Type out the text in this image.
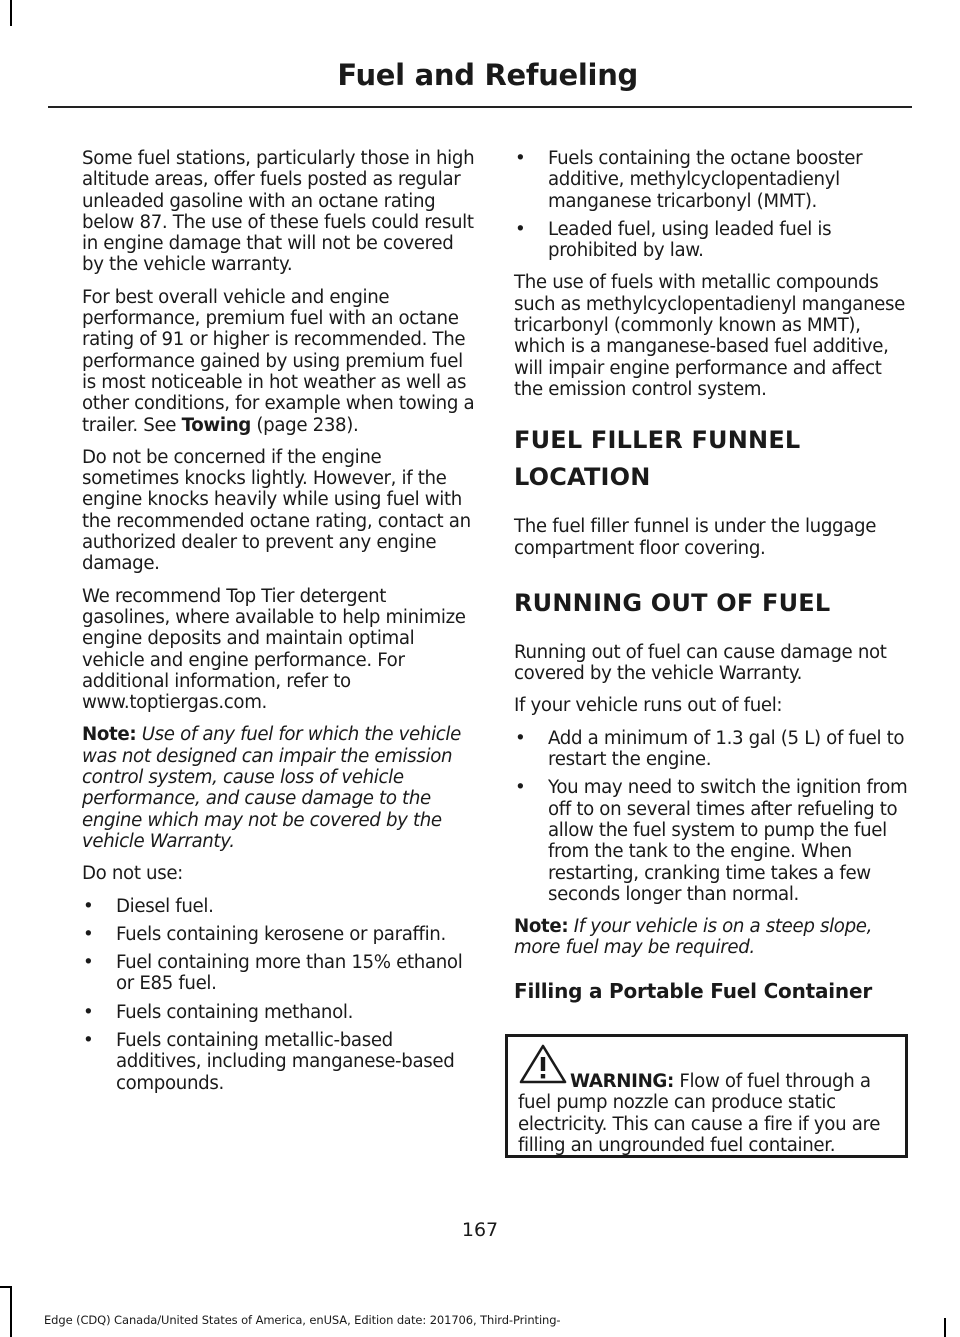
Fuel and Refueling

Some fuel stations, particularly those in high altitude areas, offer fuels posted as regular unleaded gasoline with an octane rating below 87. The use of these fuels could result in engine damage that will not be covered by the vehicle warranty.

For best overall vehicle and engine performance, premium fuel with an octane rating of 91 or higher is recommended. The performance gained by using premium fuel is most noticeable in hot weather as well as other conditions, for example when towing a trailer. See Towing (page 238).

Do not be concerned if the engine sometimes knocks lightly. However, if the engine knocks heavily while using fuel with the recommended octane rating, contact an authorized dealer to prevent any engine damage.

We recommend Top Tier detergent gasolines, where available to help minimize engine deposits and maintain optimal vehicle and engine performance. For additional information, refer to www.toptiergas.com.

Note: Use of any fuel for which the vehicle was not designed can impair the emission control system, cause loss of vehicle performance, and cause damage to the engine which may not be covered by the vehicle Warranty.

Do not use:

• Diesel fuel.
• Fuels containing kerosene or paraffin.
• Fuel containing more than 15% ethanol or E85 fuel.
• Fuels containing methanol.
• Fuels containing metallic-based additives, including manganese-based compounds.
• Fuels containing the octane booster additive, methylcyclopentadienyl manganese tricarbonyl (MMT).
• Leaded fuel, using leaded fuel is prohibited by law.

The use of fuels with metallic compounds such as methylcyclopentadienyl manganese tricarbonyl (commonly known as MMT), which is a manganese-based fuel additive, will impair engine performance and affect the emission control system.

FUEL FILLER FUNNEL
LOCATION

The fuel filler funnel is under the luggage compartment floor covering.

RUNNING OUT OF FUEL

Running out of fuel can cause damage not covered by the vehicle Warranty.

If your vehicle runs out of fuel:

• Add a minimum of 1.3 gal (5 L) of fuel to restart the engine.
• You may need to switch the ignition from off to on several times after refueling to allow the fuel system to pump the fuel from the tank to the engine. When restarting, cranking time takes a few seconds longer than normal.

Note: If your vehicle is on a steep slope, more fuel may be required.

Filling a Portable Fuel Container
WARNING: Flow of fuel through a fuel pump nozzle can produce static electricity. This can cause a fire if you are filling an ungrounded fuel container.
167
Edge (CDQ) Canada/United States of America, enUSA, Edition date: 201706, Third-Printing-
